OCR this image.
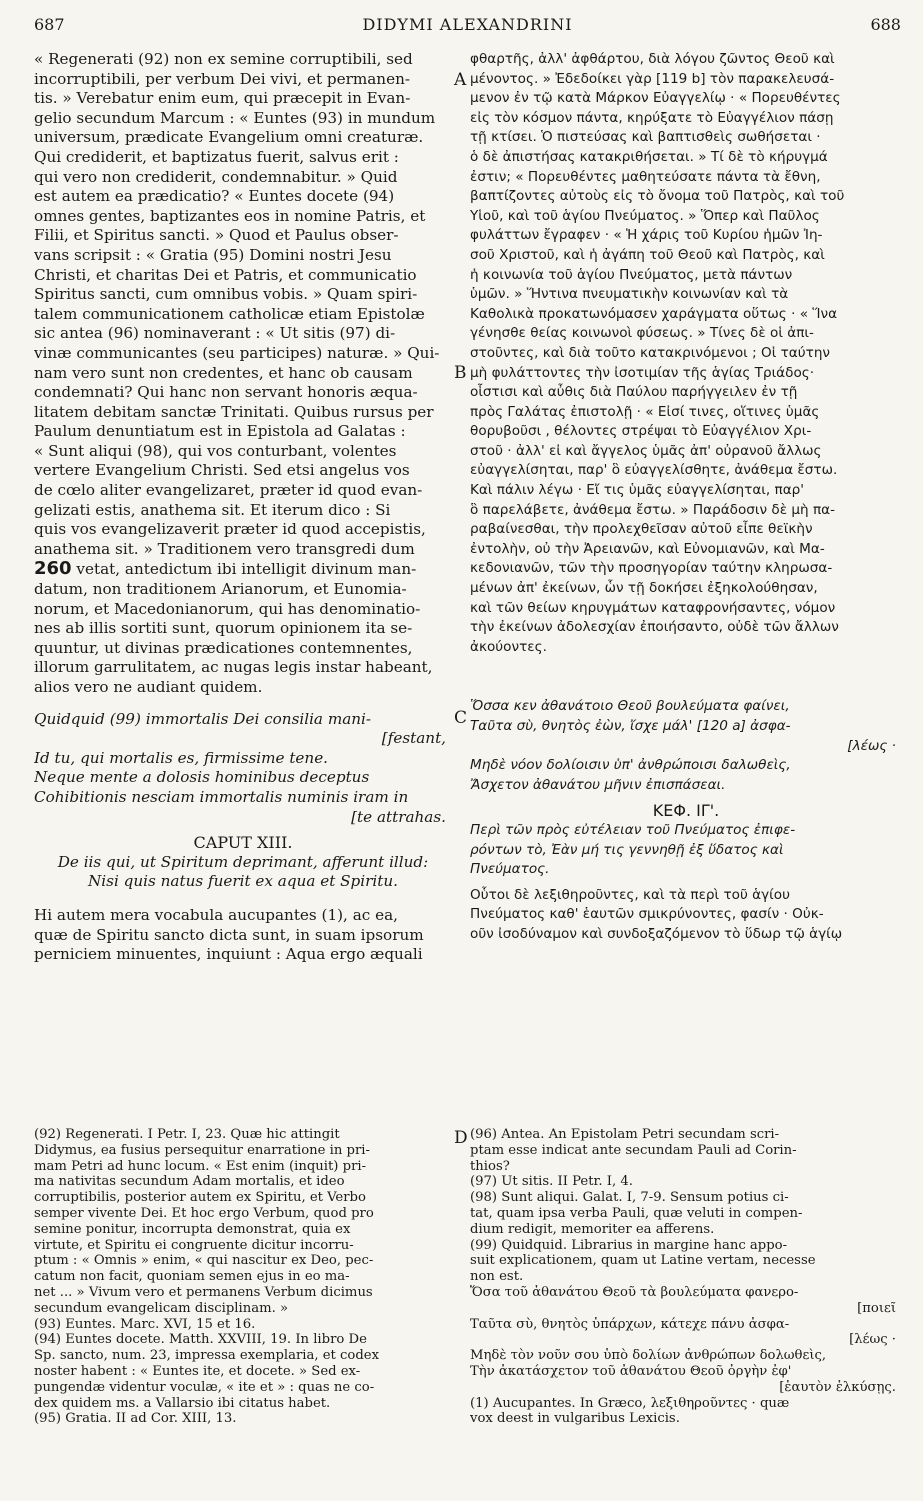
687	DIDYMI ALEXANDRINI	688
A
B
C
D
« Regenerati (92) non ex semine corruptibili, sed
incorruptibili, per verbum Dei vivi, et permanen-
tis. » Verebatur enim eum, qui præcepit in Evan-
gelio secundum Marcum : « Euntes (93) in mundum
universum, prædicate Evangelium omni creaturæ.
Qui crediderit, et baptizatus fuerit, salvus erit :
qui vero non crediderit, condemnabitur. » Quid
est autem ea prædicatio? « Euntes docete (94)
omnes gentes, baptizantes eos in nomine Patris, et
Filii, et Spiritus sancti. » Quod et Paulus obser-
vans scripsit : « Gratia (95) Domini nostri Jesu
Christi, et charitas Dei et Patris, et communicatio
Spiritus sancti, cum omnibus vobis. » Quam spiri-
talem communicationem catholicæ etiam Epistolæ
sic antea (96) nominaverant : « Ut sitis (97) di-
vinæ communicantes (seu participes) naturæ. » Qui-
nam vero sunt non credentes, et hanc ob causam
condemnati? Qui hanc non servant honoris æqua-
litatem debitam sanctæ Trinitati. Quibus rursus per
Paulum denuntiatum est in Epistola ad Galatas :
« Sunt aliqui (98), qui vos conturbant, volentes
vertere Evangelium Christi. Sed etsi angelus vos
de cœlo aliter evangelizaret, præter id quod evan-
gelizati estis, anathema sit. Et iterum dico : Si
quis vos evangelizaverit præter id quod accepistis,
anathema sit. » Traditionem vero transgredi dum
260 vetat, antedictum ibi intelligit divinum man-
datum, non traditionem Arianorum, et Eunomia-
norum, et Macedonianorum, qui has denominatio-
nes ab illis sortiti sunt, quorum opinionem ita se-
quuntur, ut divinas prædicationes contemnentes,
illorum garrulitatem, ac nugas legis instar habeant,
alios vero ne audiant quidem.
Quidquid (99) immortalis Dei consilia mani-
[festant,
Id tu, qui mortalis es, firmissime tene.
Neque mente a dolosis hominibus deceptus
Cohibitionis nesciam immortalis numinis iram in
[te attrahas.

CAPUT XIII.

De iis qui, ut Spiritum deprimant, afferunt illud:
Nisi quis natus fuerit ex aqua et Spiritu.
Hi autem mera vocabula aucupantes (1), ac ea,
quæ de Spiritu sancto dicta sunt, in suam ipsorum
perniciem minuentes, inquiunt : Aqua ergo æquali
φθαρτῆς, ἀλλ' ἀφθάρτου, διὰ λόγου ζῶντος Θεοῦ καὶ
μένοντος. » Ἐδεδοίκει γὰρ [119 b] τὸν παρακελευσά-
μενον ἐν τῷ κατὰ Μάρκον Εὐαγγελίῳ · « Πορευθέντες
εἰς τὸν κόσμον πάντα, κηρύξατε τὸ Εὐαγγέλιον πάσῃ
τῇ κτίσει. Ὁ πιστεύσας καὶ βαπτισθεὶς σωθήσεται ·
ὁ δὲ ἀπιστήσας κατακριθήσεται. » Τί δὲ τὸ κήρυγμά
ἐστιν; « Πορευθέντες μαθητεύσατε πάντα τὰ ἔθνη,
βαπτίζοντες αὐτοὺς εἰς τὸ ὄνομα τοῦ Πατρὸς, καὶ τοῦ
Υἱοῦ, καὶ τοῦ ἁγίου Πνεύματος. » Ὅπερ καὶ Παῦλος
φυλάττων ἔγραφεν · « Ἡ χάρις τοῦ Κυρίου ἡμῶν Ἰη-
σοῦ Χριστοῦ, καὶ ἡ ἀγάπη τοῦ Θεοῦ καὶ Πατρὸς, καὶ
ἡ κοινωνία τοῦ ἁγίου Πνεύματος, μετὰ πάντων
ὑμῶν. » Ἥντινα πνευματικὴν κοινωνίαν καὶ τὰ
Καθολικὰ προκατωνόμασεν χαράγματα οὕτως · « Ἵνα
γένησθε θείας κοινωνοὶ φύσεως. » Τίνες δὲ οἱ ἀπι-
στοῦντες, καὶ διὰ τοῦτο κατακρινόμενοι ; Οἱ ταύτην
μὴ φυλάττοντες τὴν ἰσοτιμίαν τῆς ἁγίας Τριάδος·
οἷστισι καὶ αὖθις διὰ Παύλου παρήγγειλεν ἐν τῇ
πρὸς Γαλάτας ἐπιστολῇ · « Εἰσί τινες, οἵτινες ὑμᾶς
θορυβοῦσι , θέλοντες στρέψαι τὸ Εὐαγγέλιον Χρι-
στοῦ · ἀλλ' εἰ καὶ ἄγγελος ὑμᾶς ἀπ' οὐρανοῦ ἄλλως
εὐαγγελίσηται, παρ' ὃ εὐαγγελίσθητε, ἀνάθεμα ἔστω.
Καὶ πάλιν λέγω · Εἴ τις ὑμᾶς εὐαγγελίσηται, παρ'
ὃ παρελάβετε, ἀνάθεμα ἔστω. » Παράδοσιν δὲ μὴ πα-
ραβαίνεσθαι, τὴν προλεχθεῖσαν αὐτοῦ εἶπε θεϊκὴν
ἐντολὴν, οὐ τὴν Ἀρειανῶν, καὶ Εὐνομιανῶν, καὶ Μα-
κεδονιανῶν, τῶν τὴν προσηγορίαν ταύτην κληρωσα-
μένων ἀπ' ἐκείνων, ὧν τῇ δοκήσει ἐξηκολούθησαν,
καὶ τῶν θείων κηρυγμάτων καταφρονήσαντες, νόμον
τὴν ἐκείνων ἀδολεσχίαν ἐποιήσαντο, οὐδὲ τῶν ἄλλων
ἀκούοντες.
Ὅσσα κεν ἀθανάτοιο Θεοῦ βουλεύματα φαίνει,
Ταῦτα σὺ, θνητὸς ἐὼν, ἴσχε μάλ' [120 a] ἀσφα-
[λέως ·
Μηδὲ νόον δολίοισιν ὑπ' ἀνθρώποισι δαλωθεὶς,
Ἄσχετον ἀθανάτου μῆνιν ἐπισπάσεαι.

ΚΕΦ. ΙΓ'.

Περὶ τῶν πρὸς εὐτέλειαν τοῦ Πνεύματος ἐπιφε-
ρόντων τὸ, Ἐὰν μή τις γεννηθῇ ἐξ ὕδατος καὶ
Πνεύματος.
Οὗτοι δὲ λεξιθηροῦντες, καὶ τὰ περὶ τοῦ ἁγίου
Πνεύματος καθ' ἑαυτῶν σμικρύνοντες, φασίν · Οὐκ-
οῦν ἰσοδύναμον καὶ συνδοξαζόμενον τὸ ὕδωρ τῷ ἁγίῳ
(92) Regenerati. I Petr. I, 23. Quæ hic attingit
Didymus, ea fusius persequitur enarratione in pri-
mam Petri ad hunc locum. « Est enim (inquit) pri-
ma nativitas secundum Adam mortalis, et ideo
corruptibilis, posterior autem ex Spiritu, et Verbo
semper vivente Dei. Et hoc ergo Verbum, quod pro
semine ponitur, incorrupta demonstrat, quia ex
virtute, et Spiritu ei congruente dicitur incorru-
ptum : « Omnis » enim, « qui nascitur ex Deo, pec-
catum non facit, quoniam semen ejus in eo ma-
net ... » Vivum vero et permanens Verbum dicimus
secundum evangelicam disciplinam. »
(93) Euntes. Marc. XVI, 15 et 16.
(94) Euntes docete. Matth. XXVIII, 19. In libro De
Sp. sancto, num. 23, impressa exemplaria, et codex
noster habent : « Euntes ite, et docete. » Sed ex-
pungendæ videntur voculæ, « ite et » : quas ne co-
dex quidem ms. a Vallarsio ibi citatus habet.
(95) Gratia. II ad Cor. XIII, 13.
(96) Antea. An Epistolam Petri secundam scri-
ptam esse indicat ante secundam Pauli ad Corin-
thios?
(97) Ut sitis. II Petr. I, 4.
(98) Sunt aliqui. Galat. I, 7-9. Sensum potius ci-
tat, quam ipsa verba Pauli, quæ veluti in compen-
dium redigit, memoriter ea afferens.
(99) Quidquid. Librarius in margine hanc appo-
suit explicationem, quam ut Latine vertam, necesse
non est.
Ὅσα τοῦ ἀθανάτου Θεοῦ τὰ βουλεύματα φανερο-
[ποιεῖ
Ταῦτα σὺ, θνητὸς ὑπάρχων, κάτεχε πάνυ ἀσφα-
[λέως ·
Μηδὲ τὸν νοῦν σου ὑπὸ δολίων ἀνθρώπων δολωθεὶς,
Τὴν ἀκατάσχετον τοῦ ἀθανάτου Θεοῦ ὀργὴν ἐφ'
[ἑαυτὸν ἑλκύσῃς.
(1) Aucupantes. In Græco, λεξιθηροῦντες · quæ
vox deest in vulgaribus Lexicis.
